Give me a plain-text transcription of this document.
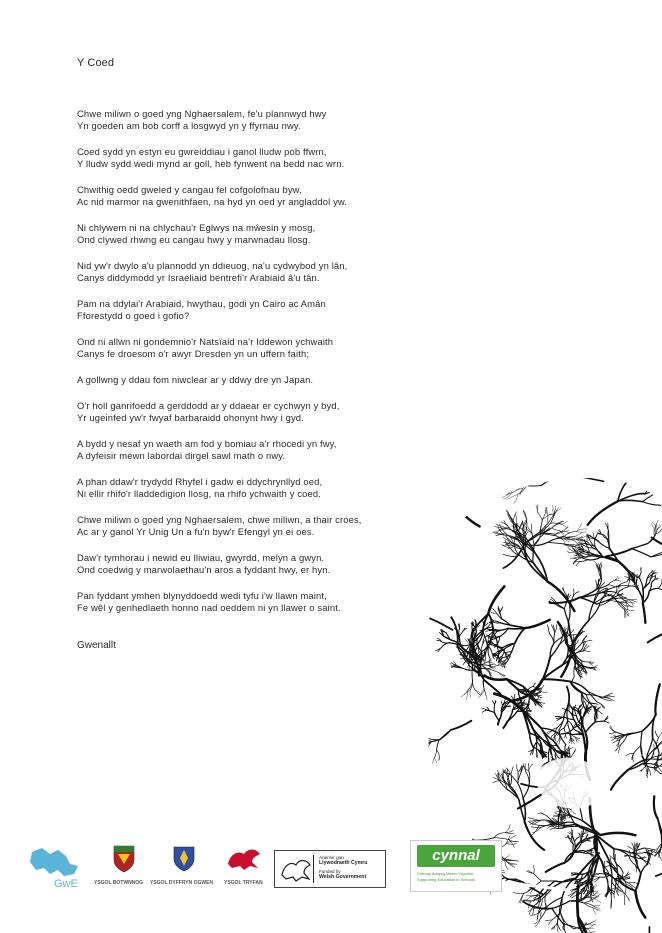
Y Coed
Chwe miliwn o goed yng Nghaersalem, fe'u plannwyd hwy
Yn goeden am bob corff a losgwyd yn y ffyrnau nwy.
Coed sydd yn estyn eu gwreiddiau i ganol lludw pob ffwrn,
Y lludw sydd wedi mynd ar goll, heb fynwent na bedd nac wrn.
Chwithig oedd gweled y cangau fel cofgolofnau byw,
Ac nid marmor na gwenithfaen, na hyd yn oed yr angladdol yw.
Ni chlywem ni na chlychau'r Eglwys na mŵesin y mosg,
Ond clywed rhwng eu cangau hwy y marwnadau llosg.
Nid yw'r dwylo a'u plannodd yn ddieuog, na'u cydwybod yn lân,
Canys diddymodd yr Israeliaid bentrefi'r Arabiaid â'u tân.
Pam na ddylai'r Arabiaid, hwythau, godi yn Cairo ac Amân
Fforestydd o goed i gofio?
Ond ni allwn ni gondemnio'r Natsïaid na'r Iddewon ychwaith
Canys fe droesom o'r awyr Dresden yn un uffern faith;
A gollwng y ddau fom niwclear ar y ddwy dre yn Japan.
O'r holl ganrifoedd a gerddodd ar y ddaear er cychwyn y byd,
Yr ugeinfed yw'r fwyaf barbaraidd ohonynt hwy i gyd.
A bydd y nesaf yn waeth am fod y bomiau a'r rhocedi yn fwy,
A dyfeisir mewn labordai dirgel sawl math o nwy.
A phan ddaw'r trydydd Rhyfel i gadw ei ddychrynllyd oed,
Ni ellir rhifo'r lladdedigion llosg, na rhifo ychwaith y coed.
Chwe miliwn o goed yng Nghaersalem, chwe miliwn, a thair croes,
Ac ar y ganol Yr Unig Un a fu'n byw'r Efengyl yn ei oes.
Daw'r tymhorau i newid eu lliwiau, gwyrdd, melyn a gwyn.
Ond coedwig y marwolaethau'n aros a fyddant hwy, er hyn.
Pan fyddant ymhen blynyddoedd wedi tyfu i'w llawn maint,
Fe wêl y genhedlaeth honno nad oeddem ni yn llawer o saint.
Gwenallt
GwE	YSGOL BOTWNNOG YSGOL DYFFRYN OGWEN YSGOL TRYFAN
Ariennir gan
Llywodraeth Cymru
Funded by
Welsh Government
cynnal
Cefnogi Addysg Mewn Ysgolion
Supporting Education in Schools
